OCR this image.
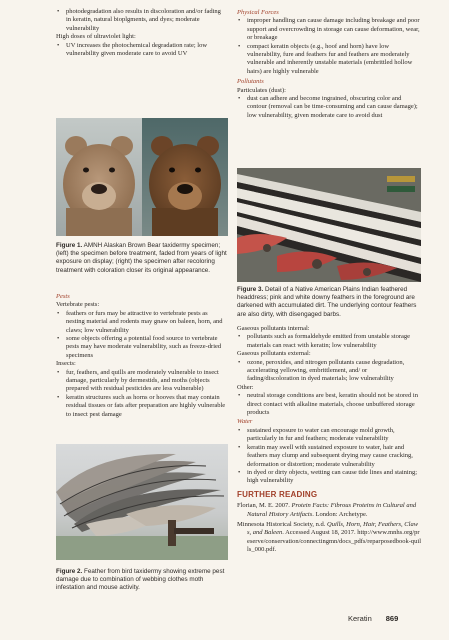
• photodegradation also results in discoloration and/or fading in keratin, natural bioplgments, and dyes; moderate vulnerability

High doses of ultraviolet light:

• UV increases the photochemical degradation rate; low vulnerability given moderate care to avoid UV
Figure 1. AMNH Alaskan Brown Bear taxidermy specimen; (left) the specimen before treatment, faded from years of light exposure on display; (right) the specimen after recoloring treatment with coloration closer its original appearance.
Pests

Vertebrate pests:

• feathers or furs may be attractive to vertebrate pests as nesting material and rodents may gnaw on baleen, horn, and claws; low vulnerability
• some objects offering a potential food source to vertebrate pests may have moderate vulnerability, such as freeze-dried specimens

Insects:

• fur, feathers, and quills are moderately vulnerable to insect damage, particularly by dermestids, and moths (objects prepared with residual pesticides are less vulnerable)
• keratin structures such as horns or hooves that may contain residual tissues or fats after preparation are highly vulnerable to insect pest damage
Figure 2. Feather from bird taxidermy showing extreme pest damage due to combination of webbing clothes moth infestation and mouse activity.
Physical Forces
• improper handling can cause damage including breakage and poor support and overcrowding in storage can cause deformation, wear, or breakage
• compact keratin objects (e.g., hoof and horn) have low vulnerability, fure and feathers fur and feathers are moderately vulnerable and inherently unstable materials (embrittled hollow hairs) are highly vulnerable
Pollutants

Particulates (dust):

• dust can adhere and become ingrained, obscuring color and contour (removal can be time-consuming and can cause damage); low vulnerability, given moderate care to avoid dust
Figure 3. Detail of a Native American Plains Indian feathered headdress; pink and white downy feathers in the foreground are darkened with accumulated dirt. The underlying contour feathers are also dirty, with disengaged barbs.

Gaseous pollutants internal:

• pollutants such as formaldehyde emitted from unstable storage materials can react with keratin; low vulnerability

Gaseous pollutants external:

• ozone, peroxides, and nitrogen pollutants cause degradation, accelerating yellowing, embrittlement, and/ or fading/discoloration in dyed materials; low vulnerability

Other:

• neutral storage conditions are best, keratin should not be stored in direct contact with alkaline materials, choose unbuffered storage products
Water
• sustained exposure to water can encourage mold growth, particularly in fur and feathers; moderate vulnerability
• keratin may swell with sustained exposure to water, hair and feathers may clump and subsequent drying may cause cracking, deformation or distortion; moderate vulnerability
• in dyed or dirty objects, wetting can cause tide lines and staining; high vulnerability
FURTHER READING
Florian, M. E. 2007. Protein Facts: Fibrous Proteins in Cultural and Natural History Artifacts. London: Archetype.
Minnesota Historical Society, n.d. Quills, Horn, Hair, Feathers, Claws, and Baleen. Accessed August 18, 2017. http://www.mnhs.org/preserve/conservation/connectingmn/docs_pdfs/reparposedbook-quills_000.pdf.
Keratin 869
